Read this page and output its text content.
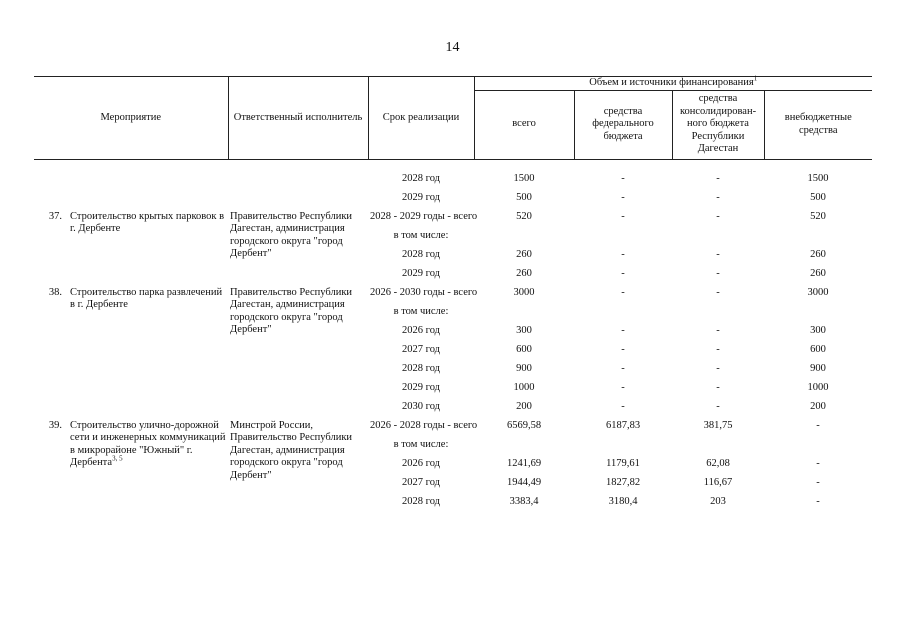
14
Мероприятие		Ответственный исполнитель	Срок реализации	Объем и источники финансирования$^1$
				всего	средства федерального бюджета	средства консолидирован-ного бюджета Республики Дагестан	внебюджетные средства

			2028 год	1500	-	-	1500
			2029 год	500	-	-	500
37.	Строительство крытых парковок в г. Дербенте	Правительство Республики Дагестан, администрация городского округа "город Дербент"	2028 - 2029 годы - всего	520	-	-	520
			в том числе:				
			2028 год	260	-	-	260
			2029 год	260	-	-	260
38.	Строительство парка развлечений в г. Дербенте	Правительство Республики Дагестан, администрация городского округа "город Дербент"	2026 - 2030 годы - всего	3000	-	-	3000
			в том числе:				
			2026 год	300	-	-	300
			2027 год	600	-	-	600
			2028 год	900	-	-	900
			2029 год	1000	-	-	1000
			2030 год	200	-	-	200
39.	Строительство улично-дорожной сети и инженерных коммуникаций в микрорайоне "Южный" г. Дербента$^{3, 5}$	Минстрой России, Правительство Республики Дагестан, администрация городского округа "город Дербент"	2026 - 2028 годы - всего	6569,58	6187,83	381,75	-
			в том числе:				
			2026 год	1241,69	1179,61	62,08	-
			2027 год	1944,49	1827,82	116,67	-
			2028 год	3383,4	3180,4	203	-
